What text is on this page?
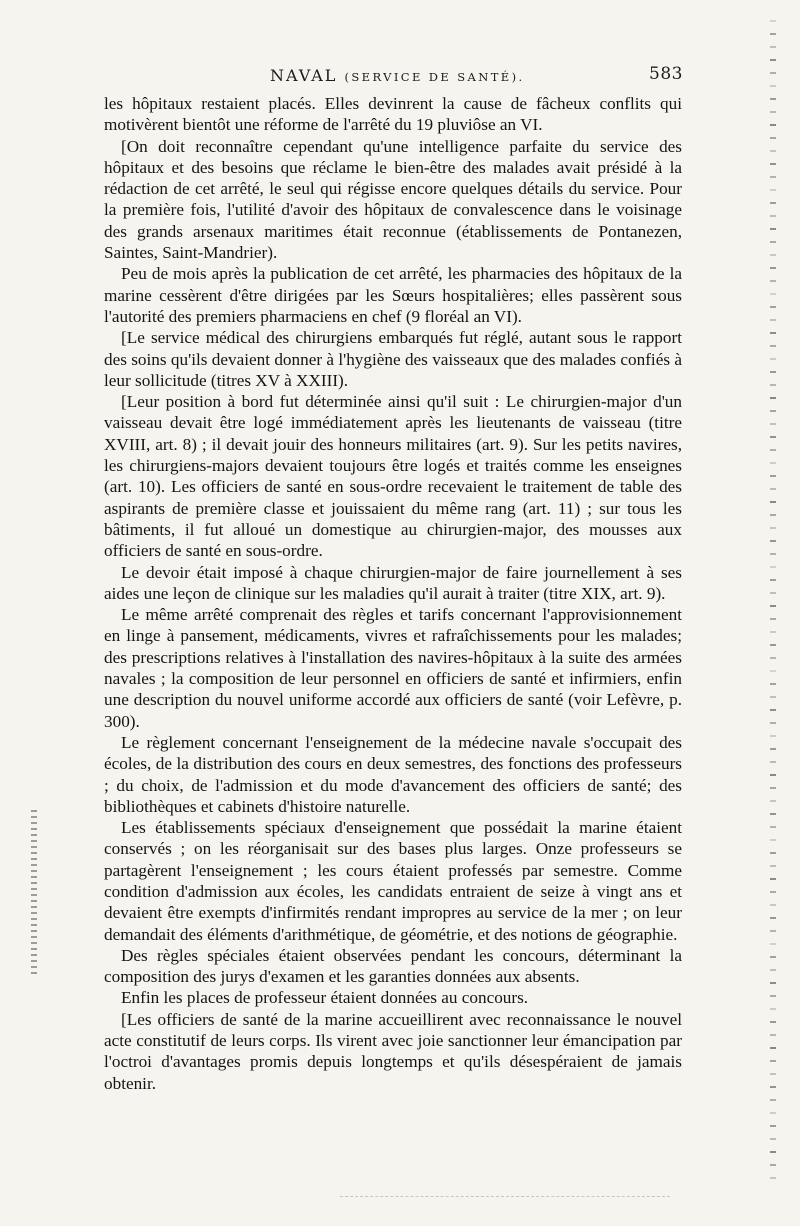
NAVAL (SERVICE DE SANTÉ).	583

les hôpitaux restaient placés. Elles devinrent la cause de fâcheux conflits qui motivèrent bientôt une réforme de l'arrêté du 19 pluviôse an VI.

[On doit reconnaître cependant qu'une intelligence parfaite du service des hôpitaux et des besoins que réclame le bien-être des malades avait présidé à la rédaction de cet arrêté, le seul qui régisse encore quelques détails du service. Pour la première fois, l'utilité d'avoir des hôpitaux de convalescence dans le voisinage des grands arsenaux maritimes était reconnue (établissements de Pontanezen, Saintes, Saint-Mandrier).

Peu de mois après la publication de cet arrêté, les pharmacies des hôpitaux de la marine cessèrent d'être dirigées par les Sœurs hospitalières; elles passèrent sous l'autorité des premiers pharmaciens en chef (9 floréal an VI).

[Le service médical des chirurgiens embarqués fut réglé, autant sous le rapport des soins qu'ils devaient donner à l'hygiène des vaisseaux que des malades confiés à leur sollicitude (titres XV à XXIII).

[Leur position à bord fut déterminée ainsi qu'il suit : Le chirurgien-major d'un vaisseau devait être logé immédiatement après les lieutenants de vaisseau (titre XVIII, art. 8) ; il devait jouir des honneurs militaires (art. 9). Sur les petits navires, les chirurgiens-majors devaient toujours être logés et traités comme les enseignes (art. 10). Les officiers de santé en sous-ordre recevaient le traitement de table des aspirants de première classe et jouissaient du même rang (art. 11) ; sur tous les bâtiments, il fut alloué un domestique au chirurgien-major, des mousses aux officiers de santé en sous-ordre.

Le devoir était imposé à chaque chirurgien-major de faire journellement à ses aides une leçon de clinique sur les maladies qu'il aurait à traiter (titre XIX, art. 9).

Le même arrêté comprenait des règles et tarifs concernant l'approvisionnement en linge à pansement, médicaments, vivres et rafraîchissements pour les malades; des prescriptions relatives à l'installation des navires-hôpitaux à la suite des armées navales ; la composition de leur personnel en officiers de santé et infirmiers, enfin une description du nouvel uniforme accordé aux officiers de santé (voir Lefèvre, p. 300).

Le règlement concernant l'enseignement de la médecine navale s'occupait des écoles, de la distribution des cours en deux semestres, des fonctions des professeurs ; du choix, de l'admission et du mode d'avancement des officiers de santé; des bibliothèques et cabinets d'histoire naturelle.

Les établissements spéciaux d'enseignement que possédait la marine étaient conservés ; on les réorganisait sur des bases plus larges. Onze professeurs se partagèrent l'enseignement ; les cours étaient professés par semestre. Comme condition d'admission aux écoles, les candidats entraient de seize à vingt ans et devaient être exempts d'infirmités rendant impropres au service de la mer ; on leur demandait des éléments d'arithmétique, de géométrie, et des notions de géographie.

Des règles spéciales étaient observées pendant les concours, déterminant la composition des jurys d'examen et les garanties données aux absents.

Enfin les places de professeur étaient données au concours.

[Les officiers de santé de la marine accueillirent avec reconnaissance le nouvel acte constitutif de leurs corps. Ils virent avec joie sanctionner leur émancipation par l'octroi d'avantages promis depuis longtemps et qu'ils désespéraient de jamais obtenir.
